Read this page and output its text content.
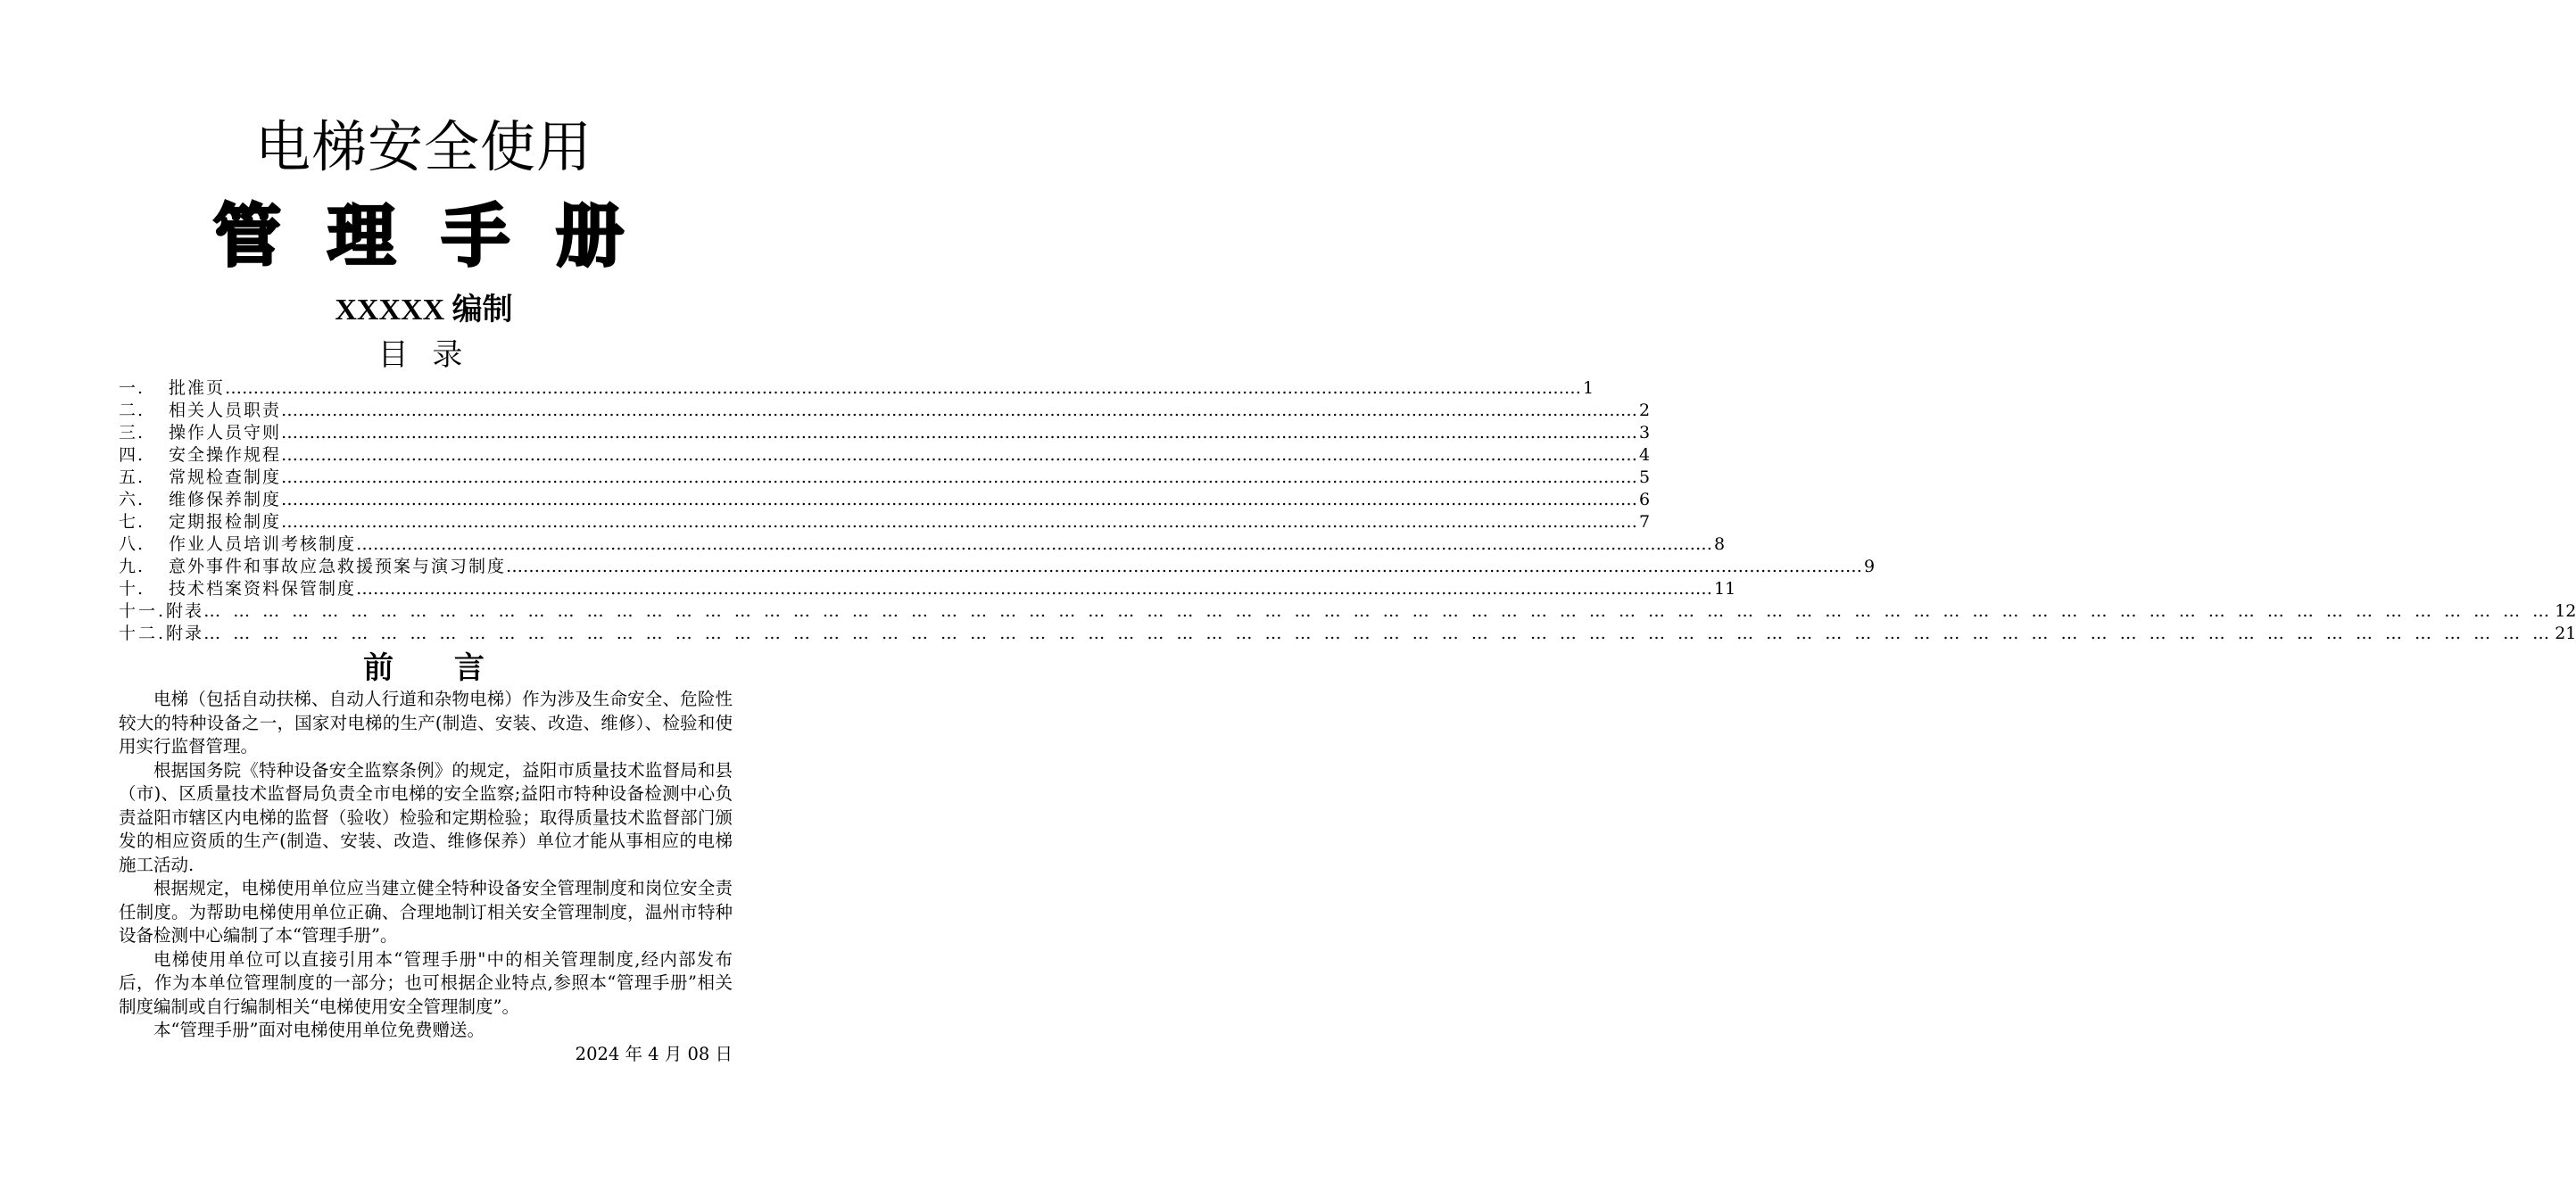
电梯安全使用
管理手册
XXXXX 编制
目 录
一.	批准页 …………………………………………………………………………………………………………………………………………………………………………………………………………………… 1
二.	相关人员职责 …………………………………………………………………………………………………………………………………………………………………………………………………………………… 2
三.	操作人员守则 …………………………………………………………………………………………………………………………………………………………………………………………………………………… 3
四.	安全操作规程 …………………………………………………………………………………………………………………………………………………………………………………………………………………… 4
五.	常规检查制度 …………………………………………………………………………………………………………………………………………………………………………………………………………………… 5
六.	维修保养制度 …………………………………………………………………………………………………………………………………………………………………………………………………………………… 6
七.	定期报检制度 …………………………………………………………………………………………………………………………………………………………………………………………………………………… 7
八.	作业人员培训考核制度 …………………………………………………………………………………………………………………………………………………………………………………………………………………… 8
九.	意外事件和事故应急救援预案与演习制度 …………………………………………………………………………………………………………………………………………………………………………………………………………………… 9
十.	技术档案资料保管制度 …………………………………………………………………………………………………………………………………………………………………………………………………………………… 11
十一. 附表 … … … … … … … … … … … … … … … … … … … … … … … … … … … … … … … … … … … … … … … … … … … … … … … … … … … … … … … … … … … … … … … … … … … … … … … … … … … … … … … … 12
十二. 附录 … … … … … … … … … … … … … … … … … … … … … … … … … … … … … … … … … … … … … … … … … … … … … … … … … … … … … … … … … … … … … … … … … … … … … … … … … … … … … … … … 21
前 言

电梯（包括自动扶梯、自动人行道和杂物电梯）作为涉及生命安全、危险性较大的特种设备之一，国家对电梯的生产(制造、安装、改造、维修）、检验和使用实行监督管理。

根据国务院《特种设备安全监察条例》的规定，益阳市质量技术监督局和县（市)、区质量技术监督局负责全市电梯的安全监察;益阳市特种设备检测中心负责益阳市辖区内电梯的监督（验收）检验和定期检验；取得质量技术监督部门颁发的相应资质的生产(制造、安装、改造、维修保养）单位才能从事相应的电梯施工活动.

根据规定，电梯使用单位应当建立健全特种设备安全管理制度和岗位安全责任制度。为帮助电梯使用单位正确、合理地制订相关安全管理制度，温州市特种设备检测中心编制了本“管理手册”。

电梯使用单位可以直接引用本“管理手册"中的相关管理制度,经内部发布后，作为本单位管理制度的一部分；也可根据企业特点,参照本“管理手册”相关制度编制或自行编制相关“电梯使用安全管理制度”。

本“管理手册”面对电梯使用单位免费赠送。

2024 年 4 月 08 日
